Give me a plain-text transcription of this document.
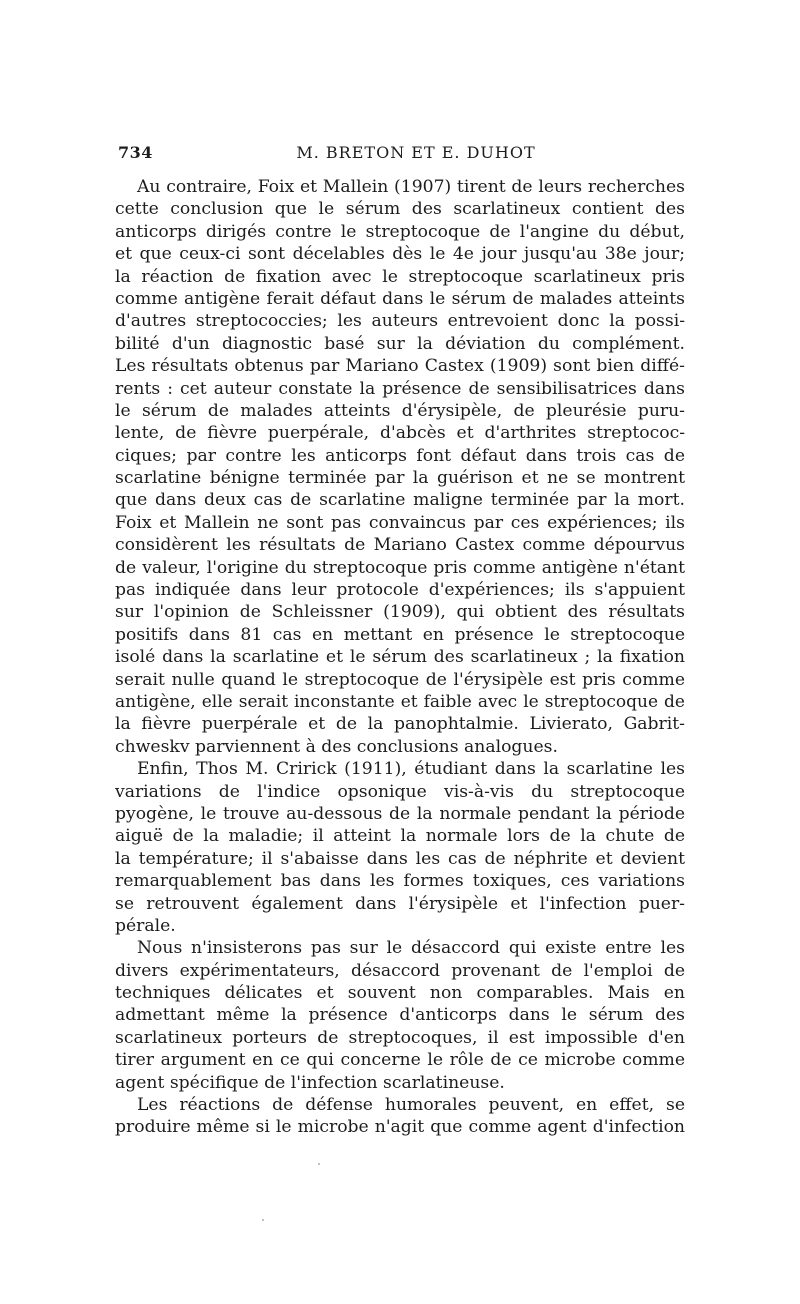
734	M. BRETON ET E. DUHOT
Au contraire, Foix et Mallein (1907) tirent de leurs recherches
cette conclusion que le sérum des scarlatineux contient des
anticorps dirigés contre le streptocoque de l'angine du début,
et que ceux-ci sont décelables dès le 4e jour jusqu'au 38e jour;
la réaction de fixation avec le streptocoque scarlatineux pris
comme antigène ferait défaut dans le sérum de malades atteints
d'autres streptococcies; les auteurs entrevoient donc la possi-
bilité d'un diagnostic basé sur la déviation du complément.
Les résultats obtenus par Mariano Castex (1909) sont bien diffé-
rents : cet auteur constate la présence de sensibilisatrices dans
le sérum de malades atteints d'érysipèle, de pleurésie puru-
lente, de fièvre puerpérale, d'abcès et d'arthrites streptococ-
ciques; par contre les anticorps font défaut dans trois cas de
scarlatine bénigne terminée par la guérison et ne se montrent
que dans deux cas de scarlatine maligne terminée par la mort.
Foix et Mallein ne sont pas convaincus par ces expériences; ils
considèrent les résultats de Mariano Castex comme dépourvus
de valeur, l'origine du streptocoque pris comme antigène n'étant
pas indiquée dans leur protocole d'expériences; ils s'appuient
sur l'opinion de Schleissner (1909), qui obtient des résultats
positifs dans 81 cas en mettant en présence le streptocoque
isolé dans la scarlatine et le sérum des scarlatineux ; la fixation
serait nulle quand le streptocoque de l'érysipèle est pris comme
antigène, elle serait inconstante et faible avec le streptocoque de
la fièvre puerpérale et de la panophtalmie. Livierato, Gabrit-
chweskv parviennent à des conclusions analogues.
Enfin, Thos M. Cririck (1911), étudiant dans la scarlatine les
variations de l'indice opsonique vis-à-vis du streptocoque
pyogène, le trouve au-dessous de la normale pendant la période
aiguë de la maladie; il atteint la normale lors de la chute de
la température; il s'abaisse dans les cas de néphrite et devient
remarquablement bas dans les formes toxiques, ces variations
se retrouvent également dans l'érysipèle et l'infection puer-
pérale.
Nous n'insisterons pas sur le désaccord qui existe entre les
divers expérimentateurs, désaccord provenant de l'emploi de
techniques délicates et souvent non comparables. Mais en
admettant même la présence d'anticorps dans le sérum des
scarlatineux porteurs de streptocoques, il est impossible d'en
tirer argument en ce qui concerne le rôle de ce microbe comme
agent spécifique de l'infection scarlatineuse.
Les réactions de défense humorales peuvent, en effet, se
produire même si le microbe n'agit que comme agent d'infection
